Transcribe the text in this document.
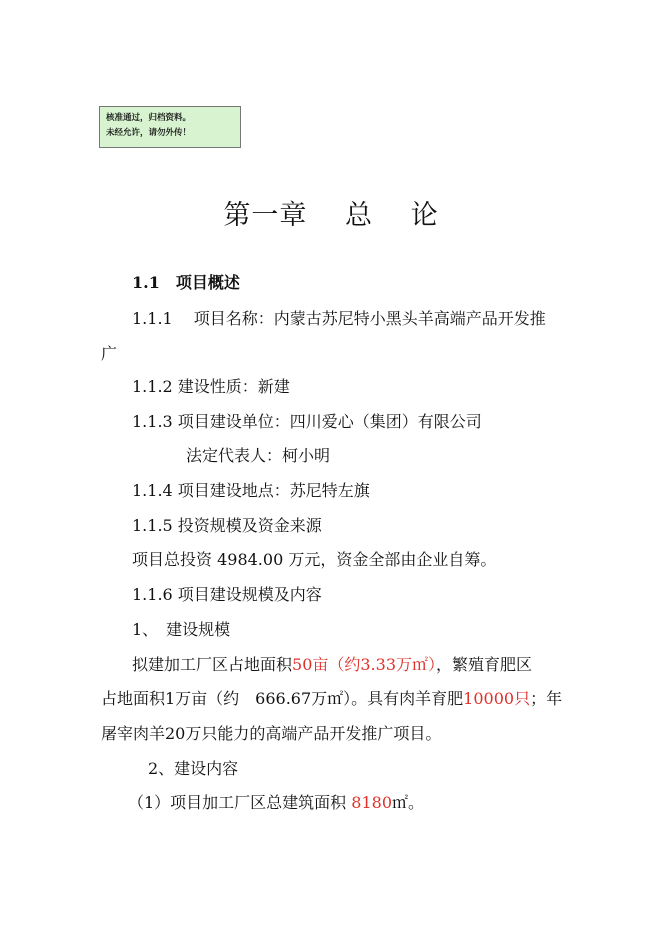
核准通过，归档资料。
未经允许，请勿外传！
第一章　 总　 论
1.1　项目概述
1.1.1　 项目名称：内蒙古苏尼特小黑头羊高端产品开发推
广
1.1.2 建设性质：新建
1.1.3 项目建设单位：四川爱心（集团）有限公司
法定代表人：柯小明
1.1.4 项目建设地点：苏尼特左旗
1.1.5 投资规模及资金来源
项目总投资 4984.00 万元，资金全部由企业自筹。
1.1.6 项目建设规模及内容
1、　建设规模
拟建加工厂区占地面积50亩（约3.33万㎡），繁殖育肥区
占地面积1万亩（约　666.67万㎡）。具有肉羊育肥10000只；年
屠宰肉羊20万只能力的高端产品开发推广项目。
2、建设内容
（1）项目加工厂区总建筑面积 8180㎡。
